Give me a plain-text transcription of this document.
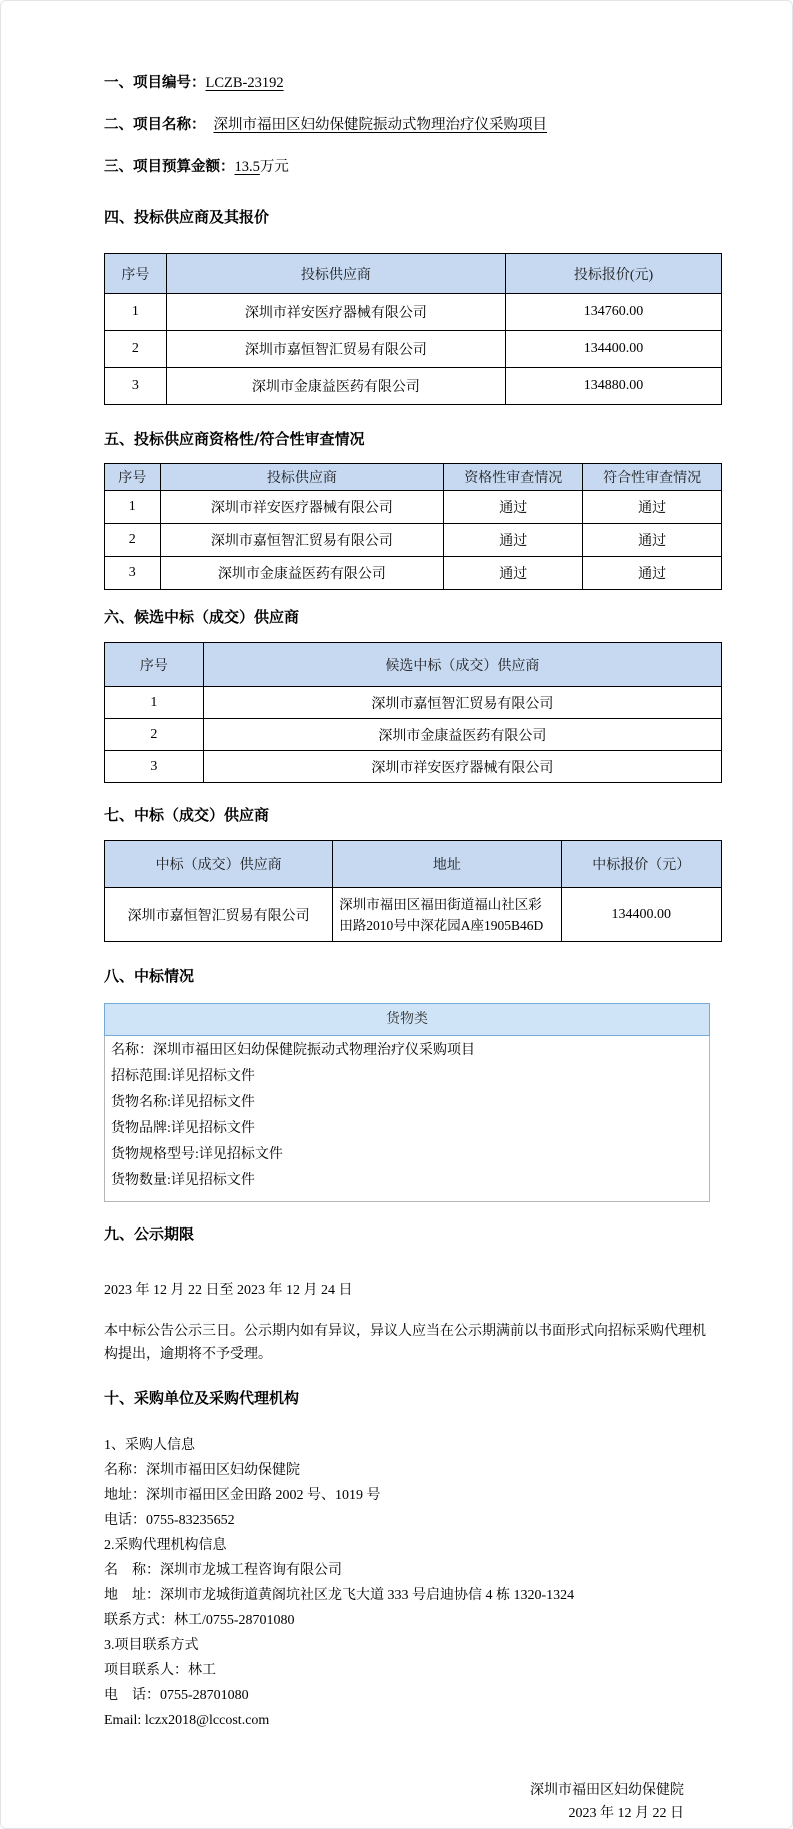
一、项目编号：LCZB-23192

二、项目名称： 深圳市福田区妇幼保健院振动式物理治疗仪采购项目

三、项目预算金额：13.5万元

四、投标供应商及其报价
序号	投标供应商	投标报价(元)
1	深圳市祥安医疗器械有限公司	134760.00
2	深圳市嘉恒智汇贸易有限公司	134400.00
3	深圳市金康益医药有限公司	134880.00
五、投标供应商资格性/符合性审查情况
序号	投标供应商	资格性审查情况	符合性审查情况
1	深圳市祥安医疗器械有限公司	通过	通过
2	深圳市嘉恒智汇贸易有限公司	通过	通过
3	深圳市金康益医药有限公司	通过	通过
六、候选中标（成交）供应商
序号	候选中标（成交）供应商
1	深圳市嘉恒智汇贸易有限公司
2	深圳市金康益医药有限公司
3	深圳市祥安医疗器械有限公司
七、中标（成交）供应商
中标（成交）供应商	地址	中标报价（元）
深圳市嘉恒智汇贸易有限公司	深圳市福田区福田街道福山社区彩田路2010号中深花园A座1905B46D	134400.00
八、中标情况
货物类
名称：深圳市福田区妇幼保健院振动式物理治疗仪采购项目
招标范围:详见招标文件
货物名称:详见招标文件
货物品牌:详见招标文件
货物规格型号:详见招标文件
货物数量:详见招标文件
九、公示期限

2023 年 12 月 22 日至 2023 年 12 月 24 日

本中标公告公示三日。公示期内如有异议，异议人应当在公示期满前以书面形式向招标采购代理机构提出，逾期将不予受理。

十、采购单位及采购代理机构

1、采购人信息

名称：深圳市福田区妇幼保健院

地址：深圳市福田区金田路 2002 号、1019 号

电话：0755-83235652

2.采购代理机构信息

名　称：深圳市龙城工程咨询有限公司

地　址：深圳市龙城街道黄阁坑社区龙飞大道 333 号启迪协信 4 栋 1320-1324

联系方式：林工/0755-28701080

3.项目联系方式

项目联系人：林工

电　话：0755-28701080

Email: lczx2018@lccost.com

深圳市福田区妇幼保健院
2023 年 12 月 22 日
